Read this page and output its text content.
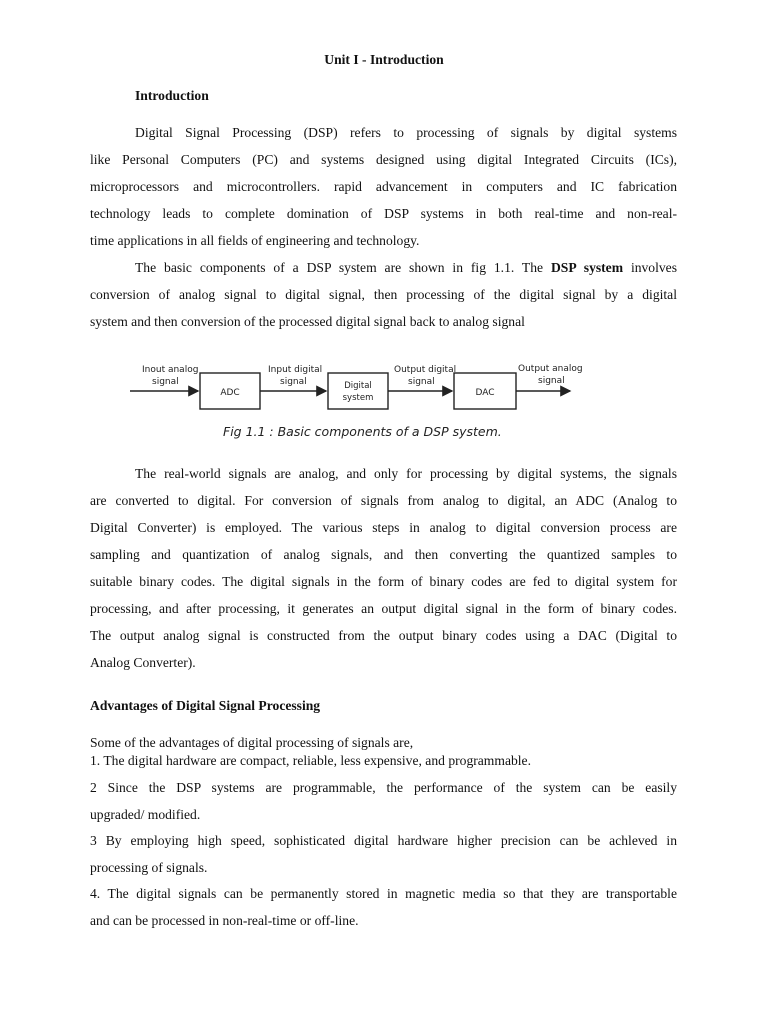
Unit I - Introduction
Introduction
Digital Signal Processing (DSP) refers to processing of signals by digital systems
like Personal Computers (PC) and systems designed using digital Integrated Circuits (ICs),
microprocessors and microcontrollers. rapid advancement in computers and IC fabrication
technology leads to complete domination of DSP systems in both real-time and non-real-
time applications in all fields of engineering and technology.
The basic components of a DSP system are shown in fig 1.1. The DSP system involves
conversion of analog signal to digital signal, then processing of the digital signal by a digital
system and then conversion of the processed digital signal back to analog signal
Inout analog
signal
ADC
Input digital
signal	Digital
system
Output digital
signal
DAC
Output analog
signal
Fig 1.1 : Basic components of a DSP system.
The real-world signals are analog, and only for processing by digital systems, the signals
are converted to digital. For conversion of signals from analog to digital, an ADC (Analog to
Digital Converter) is employed. The various steps in analog to digital conversion process are
sampling and quantization of analog signals, and then converting the quantized samples to
suitable binary codes. The digital signals in the form of binary codes are fed to digital system for
processing, and after processing, it generates an output digital signal in the form of binary codes.
The output analog signal is constructed from the output binary codes using a DAC (Digital to
Analog Converter).
Advantages of Digital Signal Processing
Some of the advantages of digital processing of signals are,
1. The digital hardware are compact, reliable, less expensive, and programmable.
2 Since the DSP systems are programmable, the performance of the system can be easily
upgraded/ modified.
3 By employing high speed, sophisticated digital hardware higher precision can be achleved in
processing of signals.
4. The digital signals can be permanently stored in magnetic media so that they are transportable
and can be processed in non-real-time or off-line.
